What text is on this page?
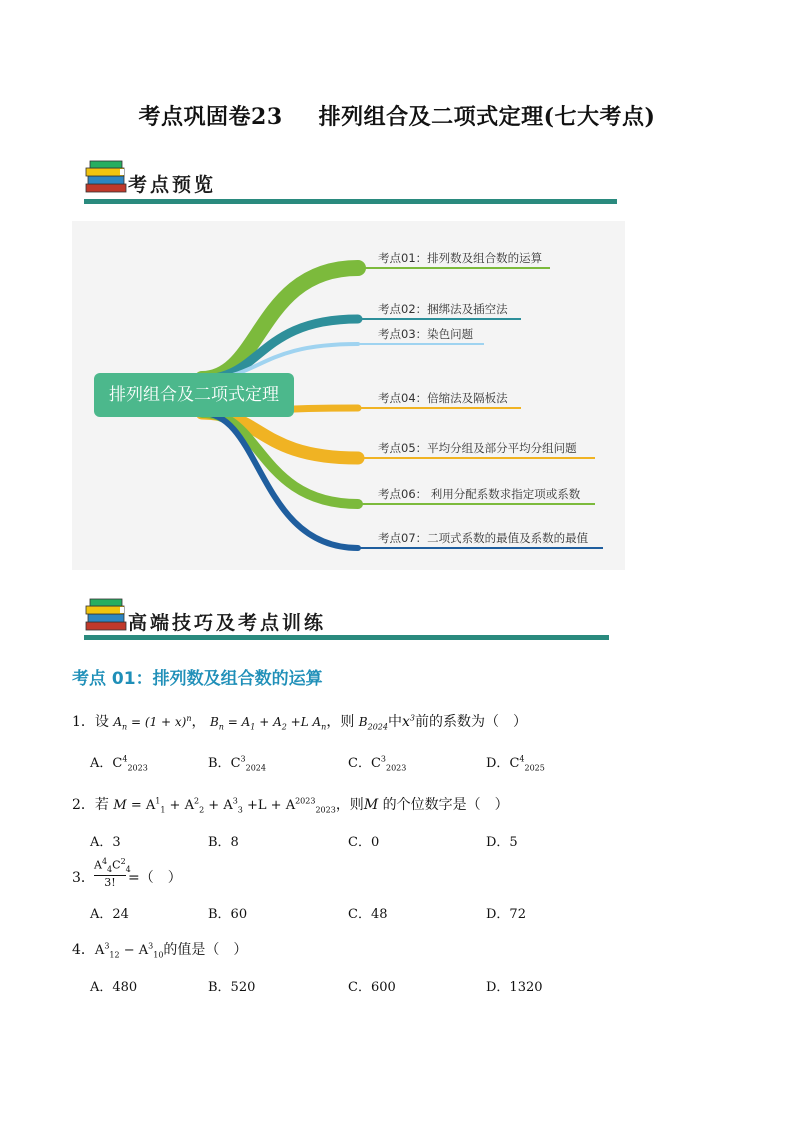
考点巩固卷23 排列组合及二项式定理(七大考点)
考点预览
排列组合及二项式定理
考点01：排列数及组合数的运算
考点02：捆绑法及插空法
考点03：染色问题
考点04：倍缩法及隔板法
考点05：平均分组及部分平均分组问题
考点06： 利用分配系数求指定项或系数
考点07：二项式系数的最值及系数的最值
高端技巧及考点训练
考点 01：排列数及组合数的运算
1．设 $A_n = (1 + x)^n$， $B_n = A_1 + A_2 +L$ $A_n$，则 $B_{2024}$中$x^3$前的系数为（　）
A．$C^4_{2023}$	B．$C^3_{2024}$	C．$C^3_{2023}$	D．$C^4_{2025}$
2．若 $M = A^1_1 + A^2_2 + A^3_3 +L + A^{2023}_{2023}$，则M 的个位数字是（　）
A．3	B．8	C．0	D．5
3．
$A^4_4C^2_4$
3! =（　）
A．24	B．60	C．48	D．72
4．$A^3_{12} - A^3_{10}$的值是（　）
A．480	B．520	C．600	D．1320
